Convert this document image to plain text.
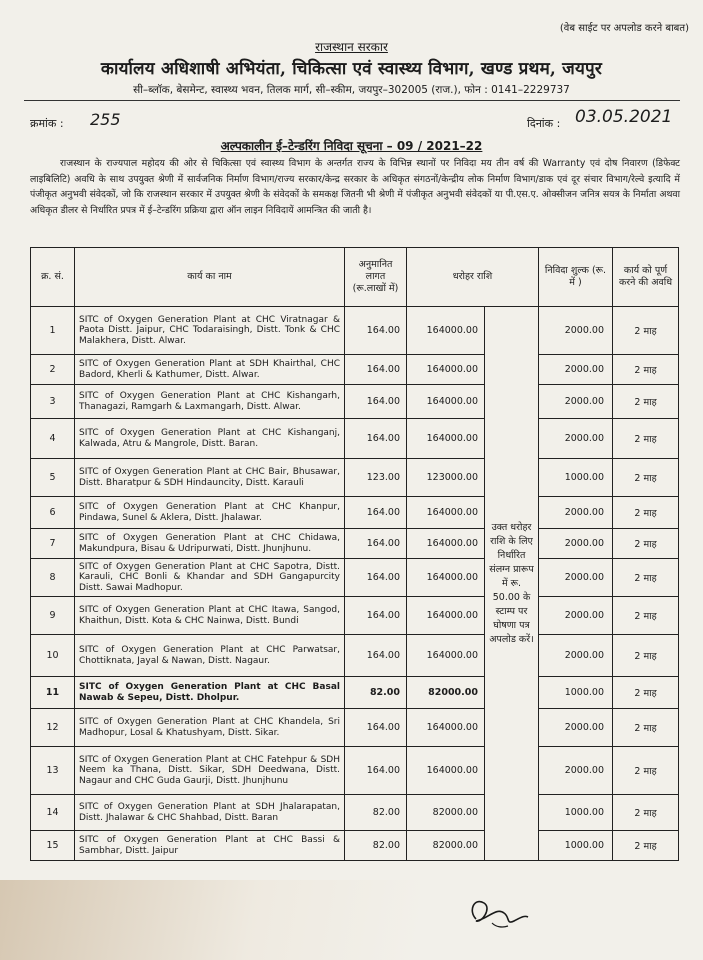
(वेब साईट पर अपलोड करने बाबत)
राजस्थान सरकार
कार्यालय अधिशाषी अभियंता, चिकित्सा एवं स्वास्थ्य विभाग, खण्ड प्रथम, जयपुर
सी–ब्लॉक, बेसमेन्ट, स्वास्थ्य भवन, तिलक मार्ग, सी–स्कीम, जयपुर–302005 (राज.), फोन : 0141–2229737
क्रमांक : 255	दिनांक : 03.05.2021
अल्पकालीन ई–टेन्डरिंग निविदा सूचना – 09 / 2021–22
राजस्थान के राज्यपाल महोदय की ओर से चिकित्सा एवं स्वास्थ्य विभाग के अन्तर्गत राज्य के विभिन्न स्थानों पर निविदा मय तीन वर्ष की Warranty एवं दोष निवारण (डिफेक्ट लाइबिलिटि) अवधि के साथ उपयुक्त श्रेणी में सार्वजनिक निर्माण विभाग/राज्य सरकार/केन्द्र सरकार के अधिकृत संगठनों/केन्द्रीय लोक निर्माण विभाग/डाक एवं दूर संचार विभाग/रेल्वे इत्यादि में पंजीकृत अनुभवी संवेदकों, जो कि राजस्थान सरकार में उपयुक्त श्रेणी के संवेदकों के समकक्ष जितनी भी श्रेणी में पंजीकृत अनुभवी संवेदकों या पी.एस.ए. ओक्सीजन जनित्र सयत्र के निर्माता अथवा अधिकृत डीलर से निर्धारित प्रपत्र में ई–टेन्डरिंग प्रक्रिया द्वारा ऑन लाइन निविदायें आमन्त्रित की जाती है।
क्र. सं.	कार्य का नाम	अनुमानित लागत (रू.लाखों में)	धरोहर राशि		निविदा शुल्क (रू. में )	कार्य को पूर्ण करने की अवधि
1	SITC of Oxygen Generation Plant at CHC Viratnagar & Paota Distt. Jaipur, CHC Todaraisingh, Distt. Tonk & CHC Malakhera, Distt. Alwar.	164.00	164000.00	उक्त धरोहर राशि के लिए निर्धारित संलग्न प्रारूप में रू. 50.00 के स्टाम्प पर घोषणा पत्र अपलोड करें।	2000.00	2 माह
2	SITC of Oxygen Generation Plant at SDH Khairthal, CHC Badord, Kherli & Kathumer, Distt. Alwar.	164.00	164000.00		2000.00	2 माह
3	SITC of Oxygen Generation Plant at CHC Kishangarh, Thanagazi, Ramgarh & Laxmangarh, Distt. Alwar.	164.00	164000.00		2000.00	2 माह
4	SITC of Oxygen Generation Plant at CHC Kishanganj, Kalwada, Atru & Mangrole, Distt. Baran.	164.00	164000.00		2000.00	2 माह
5	SITC of Oxygen Generation Plant at CHC Bair, Bhusawar, Distt. Bharatpur & SDH Hindauncity, Distt. Karauli	123.00	123000.00		1000.00	2 माह
6	SITC of Oxygen Generation Plant at CHC Khanpur, Pindawa, Sunel & Aklera, Distt. Jhalawar.	164.00	164000.00		2000.00	2 माह
7	SITC of Oxygen Generation Plant at CHC Chidawa, Makundpura, Bisau & Udripurwati, Distt. Jhunjhunu.	164.00	164000.00		2000.00	2 माह
8	SITC of Oxygen Generation Plant at CHC Sapotra, Distt. Karauli, CHC Bonli & Khandar and SDH Gangapurcity Distt. Sawai Madhopur.	164.00	164000.00		2000.00	2 माह
9	SITC of Oxygen Generation Plant at CHC Itawa, Sangod, Khaithun, Distt. Kota & CHC Nainwa, Distt. Bundi	164.00	164000.00		2000.00	2 माह
10	SITC of Oxygen Generation Plant at CHC Parwatsar, Chottiknata, Jayal & Nawan, Distt. Nagaur.	164.00	164000.00		2000.00	2 माह
11	SITC of Oxygen Generation Plant at CHC Basal Nawab & Sepeu, Distt. Dholpur.	82.00	82000.00		1000.00	2 माह
12	SITC of Oxygen Generation Plant at CHC Khandela, Sri Madhopur, Losal & Khatushyam, Distt. Sikar.	164.00	164000.00		2000.00	2 माह
13	SITC of Oxygen Generation Plant at CHC Fatehpur & SDH Neem ka Thana, Distt. Sikar, SDH Deedwana, Distt. Nagaur and CHC Guda Gaurji, Distt. Jhunjhunu	164.00	164000.00		2000.00	2 माह
14	SITC of Oxygen Generation Plant at SDH Jhalarapatan, Distt. Jhalawar & CHC Shahbad, Distt. Baran	82.00	82000.00		1000.00	2 माह
15	SITC of Oxygen Generation Plant at CHC Bassi & Sambhar, Distt. Jaipur	82.00	82000.00		1000.00	2 माह
